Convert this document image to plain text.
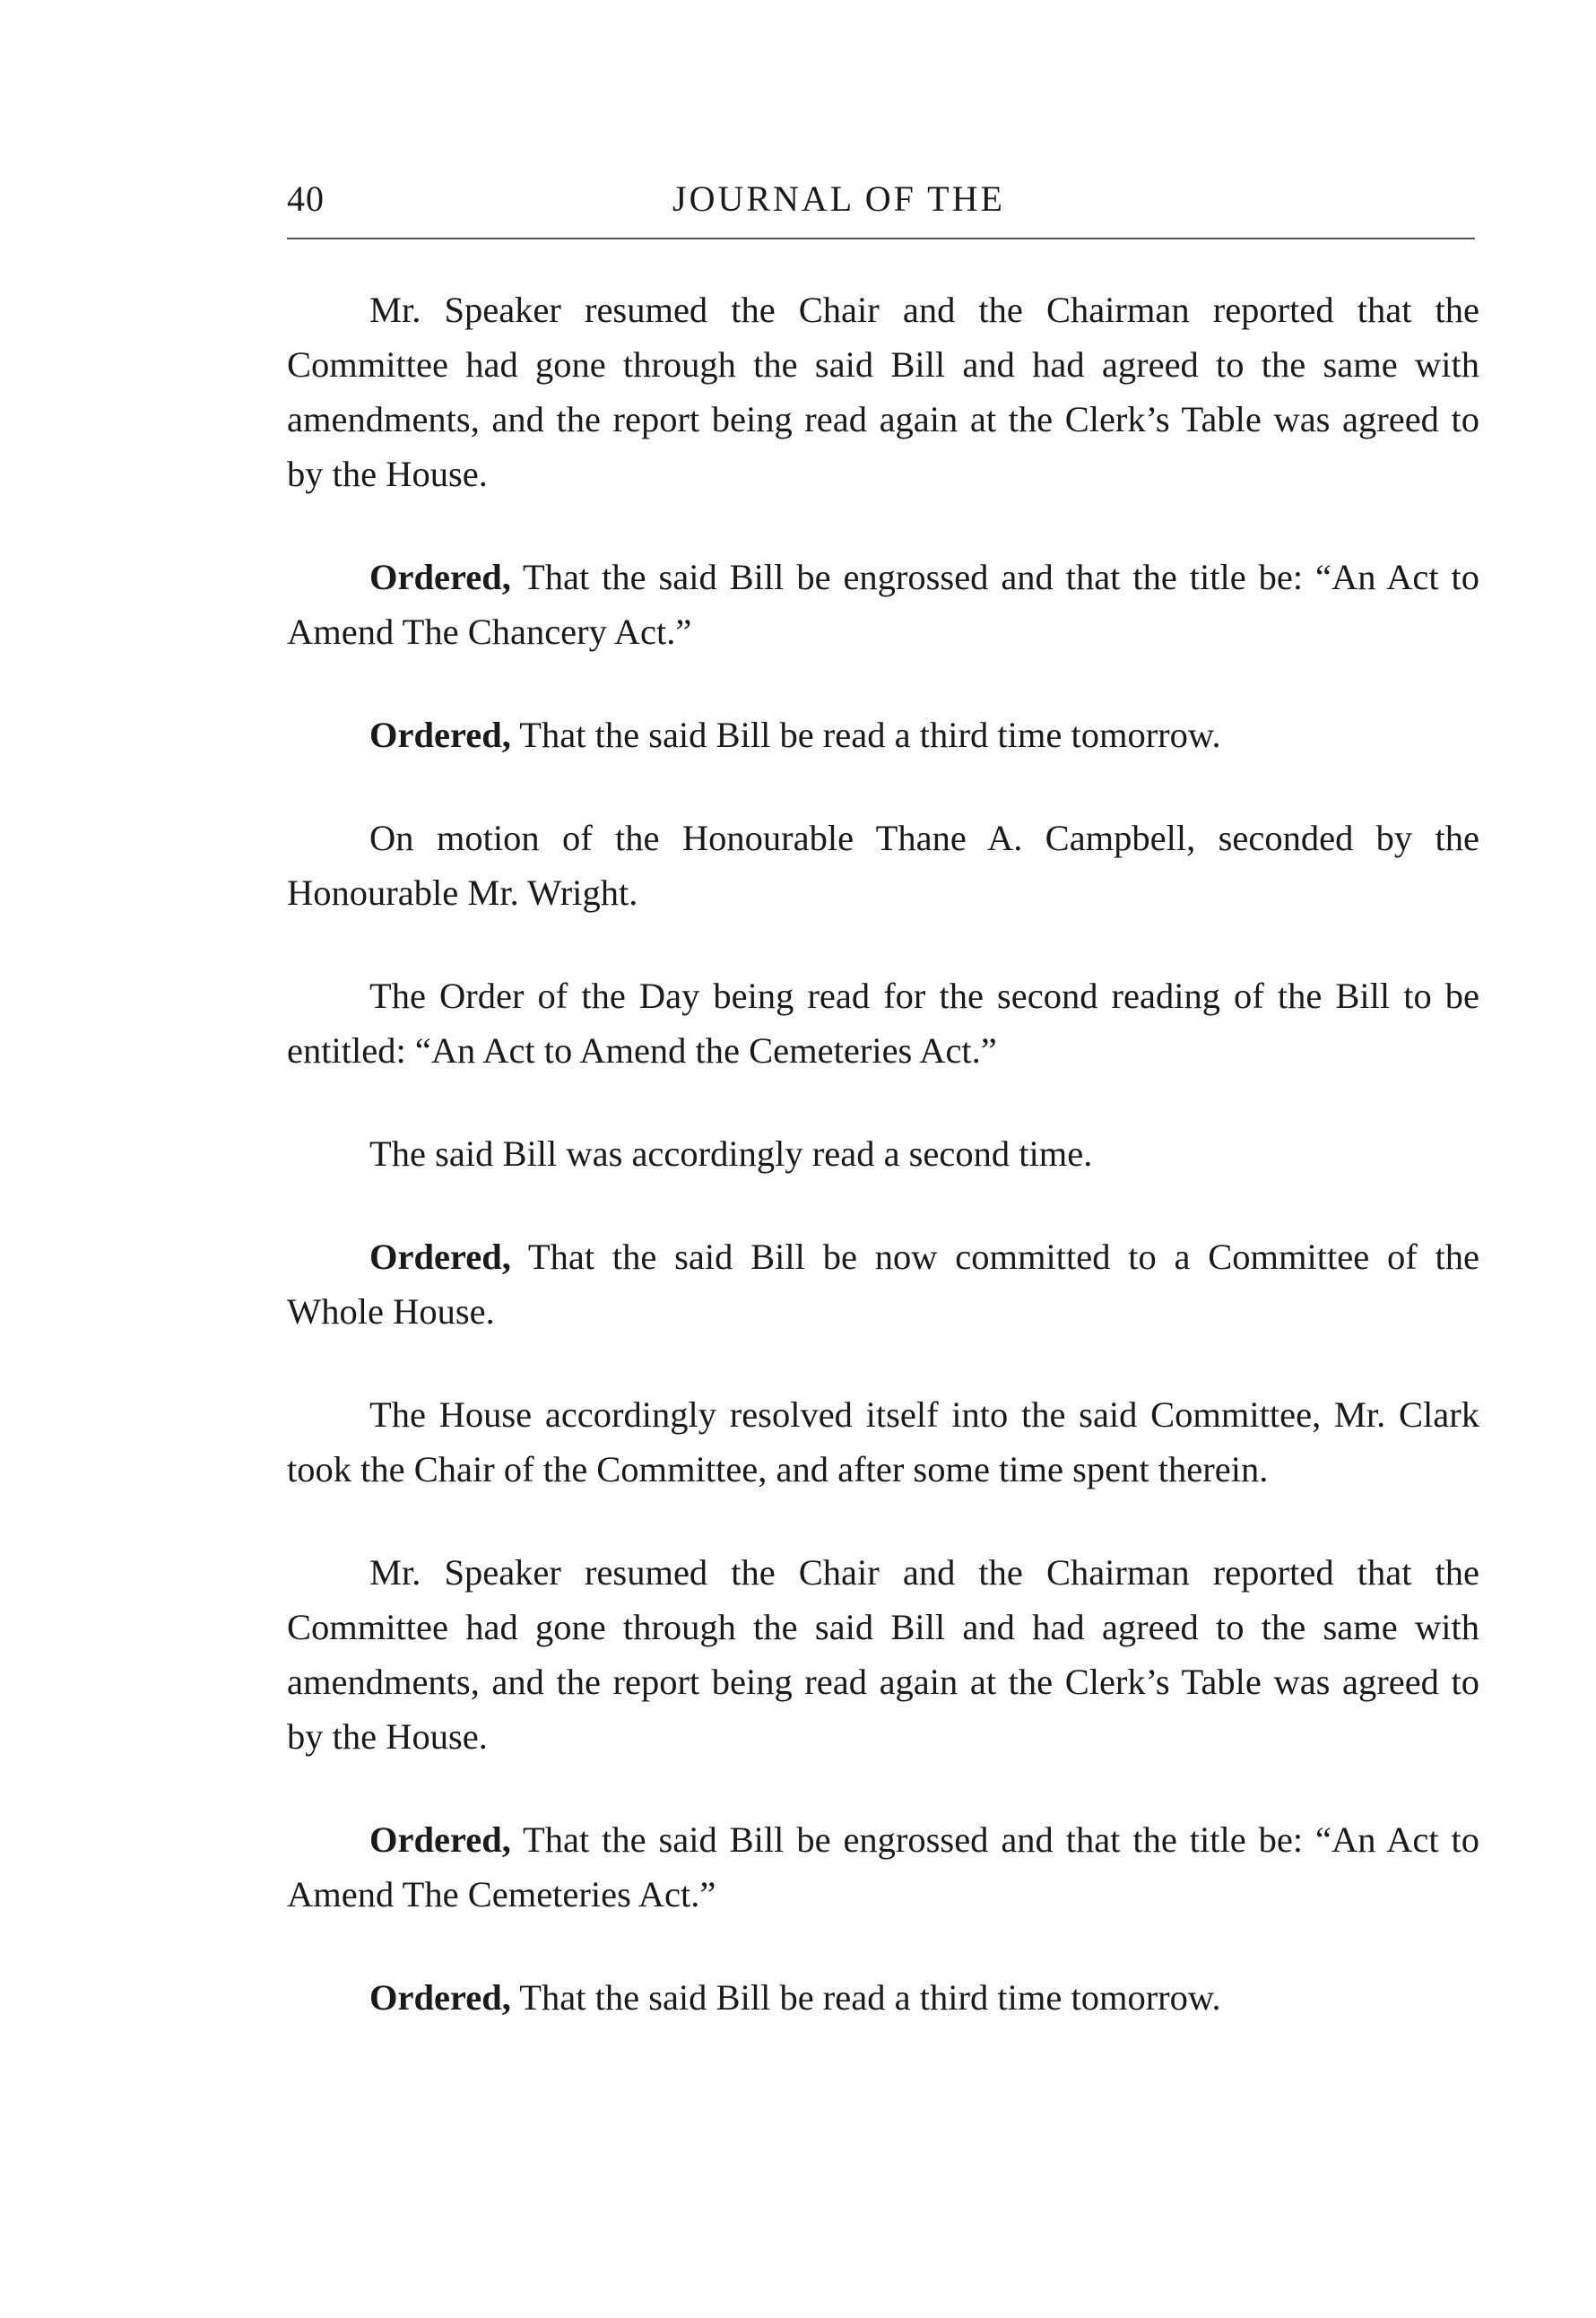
40	JOURNAL OF THE

Mr. Speaker resumed the Chair and the Chairman reported that the Committee had gone through the said Bill and had agreed to the same with amendments, and the report being read again at the Clerk’s Table was agreed to by the House.

Ordered, That the said Bill be engrossed and that the title be: “An Act to Amend The Chancery Act.”

Ordered, That the said Bill be read a third time tomorrow.

On motion of the Honourable Thane A. Campbell, seconded by the Honourable Mr. Wright.

The Order of the Day being read for the second reading of the Bill to be entitled: “An Act to Amend the Cemeteries Act.”

The said Bill was accordingly read a second time.

Ordered, That the said Bill be now committed to a Committee of the Whole House.

The House accordingly resolved itself into the said Committee, Mr. Clark took the Chair of the Committee, and after some time spent therein.

Mr. Speaker resumed the Chair and the Chairman reported that the Committee had gone through the said Bill and had agreed to the same with amendments, and the report being read again at the Clerk’s Table was agreed to by the House.

Ordered, That the said Bill be engrossed and that the title be: “An Act to Amend The Cemeteries Act.”

Ordered, That the said Bill be read a third time tomorrow.
